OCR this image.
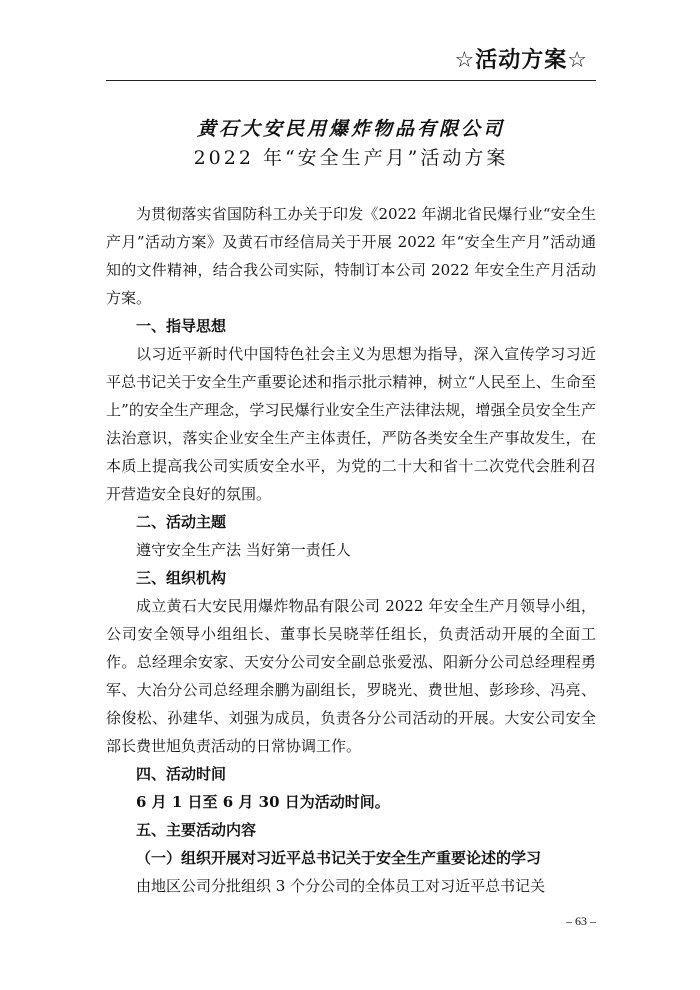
☆活动方案☆
黄石大安民用爆炸物品有限公司
2022 年“安全生产月”活动方案

为贯彻落实省国防科工办关于印发《2022 年湖北省民爆行业“安全生产月”活动方案》及黄石市经信局关于开展 2022 年“安全生产月”活动通知的文件精神，结合我公司实际，特制订本公司 2022 年安全生产月活动方案。

一、指导思想

以习近平新时代中国特色社会主义为思想为指导，深入宣传学习习近平总书记关于安全生产重要论述和指示批示精神，树立“人民至上、生命至上”的安全生产理念，学习民爆行业安全生产法律法规，增强全员安全生产法治意识，落实企业安全生产主体责任，严防各类安全生产事故发生，在本质上提高我公司实质安全水平，为党的二十大和省十二次党代会胜利召开营造安全良好的氛围。

二、活动主题

遵守安全生产法 当好第一责任人

三、组织机构

成立黄石大安民用爆炸物品有限公司 2022 年安全生产月领导小组，公司安全领导小组组长、董事长吴晓莘任组长，负责活动开展的全面工作。总经理余安家、天安分公司安全副总张爱泓、阳新分公司总经理程勇军、大冶分公司总经理余鹏为副组长，罗晓光、费世旭、彭珍珍、冯亮、徐俊松、孙建华、刘强为成员，负责各分公司活动的开展。大安公司安全部长费世旭负责活动的日常协调工作。

四、活动时间

6 月 1 日至 6 月 30 日为活动时间。

五、主要活动内容

（一）组织开展对习近平总书记关于安全生产重要论述的学习

由地区公司分批组织 3 个分公司的全体员工对习近平总书记关

– 63 –
